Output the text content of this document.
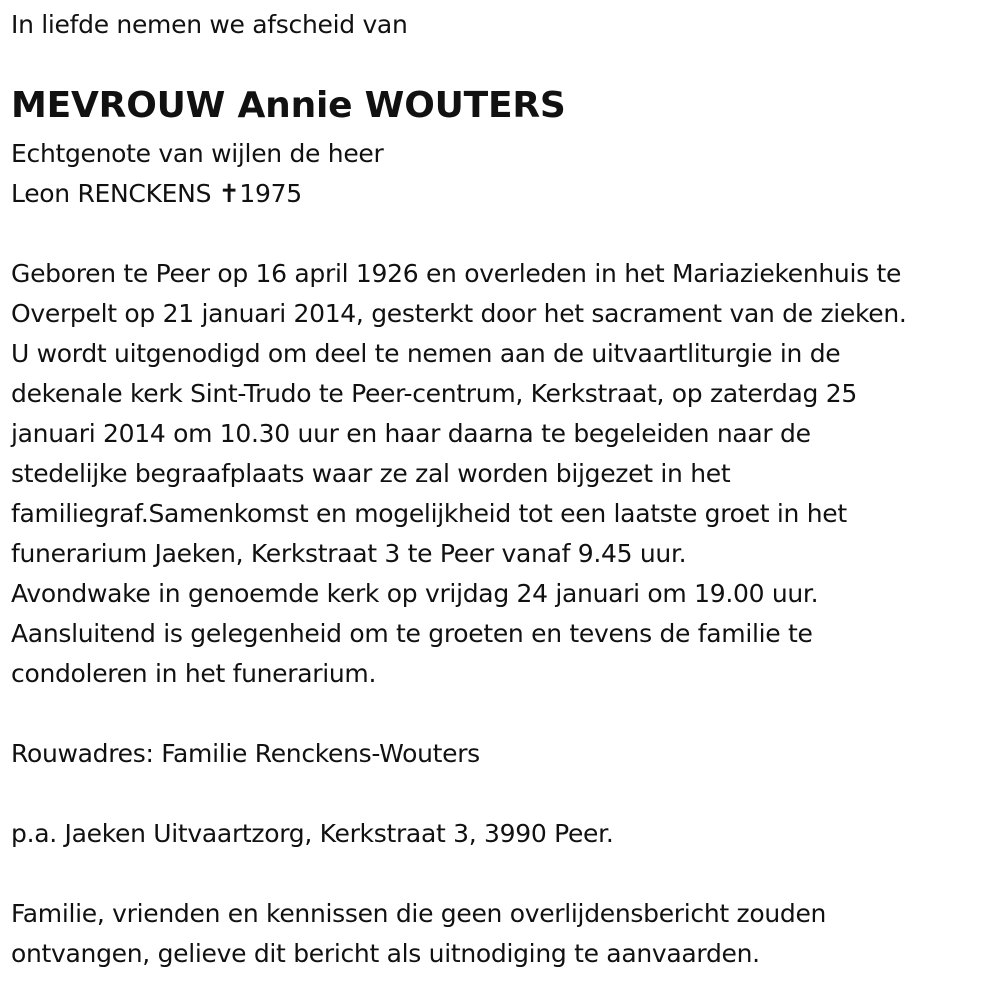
In liefde nemen we afscheid van
MEVROUW Annie WOUTERS
Echtgenote van wijlen de heer
Leon RENCKENS ✝1975
Geboren te Peer op 16 april 1926 en overleden in het Mariaziekenhuis te
Overpelt op 21 januari 2014, gesterkt door het sacrament van de zieken.
U wordt uitgenodigd om deel te nemen aan de uitvaartliturgie in de
dekenale kerk Sint-Trudo te Peer-centrum, Kerkstraat, op zaterdag 25
januari 2014 om 10.30 uur en haar daarna te begeleiden naar de
stedelijke begraafplaats waar ze zal worden bijgezet in het
familiegraf.Samenkomst en mogelijkheid tot een laatste groet in het
funerarium Jaeken, Kerkstraat 3 te Peer vanaf 9.45 uur.
Avondwake in genoemde kerk op vrijdag 24 januari om 19.00 uur.
Aansluitend is gelegenheid om te groeten en tevens de familie te
condoleren in het funerarium.
Rouwadres: Familie Renckens-Wouters
p.a. Jaeken Uitvaartzorg, Kerkstraat 3, 3990 Peer.
Familie, vrienden en kennissen die geen overlijdensbericht zouden
ontvangen, gelieve dit bericht als uitnodiging te aanvaarden.
